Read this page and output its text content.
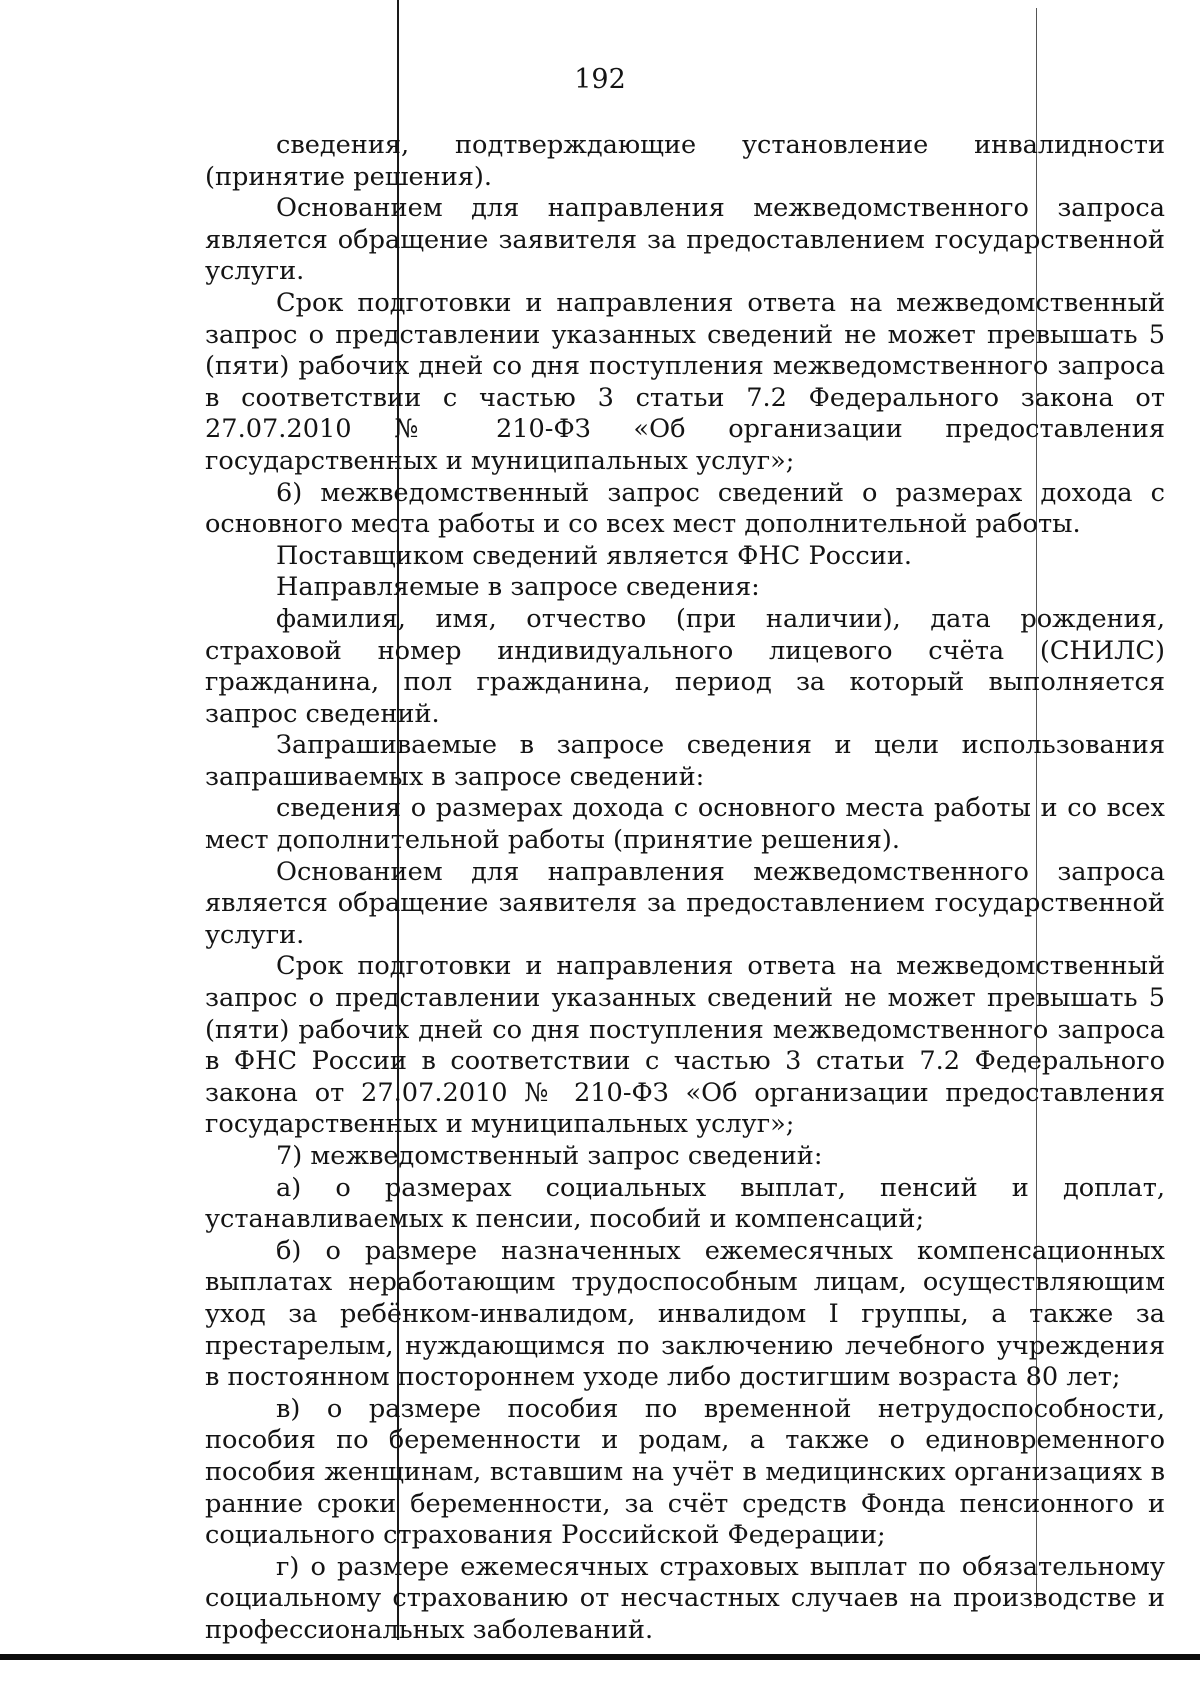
192

сведения, подтверждающие установление инвалидности (принятие решения).

Основанием для направления межведомственного запроса является обращение заявителя за предоставлением государственной услуги.

Срок подготовки и направления ответа на межведомственный запрос о представлении указанных сведений не может превышать 5 (пяти) рабочих дней со дня поступления межведомственного запроса в соответствии с частью 3 статьи 7.2 Федерального закона от 27.07.2010 № 210-ФЗ «Об организации предоставления государственных и муниципальных услуг»;

6) межведомственный запрос сведений о размерах дохода с основного места работы и со всех мест дополнительной работы.

Поставщиком сведений является ФНС России.

Направляемые в запросе сведения:

фамилия, имя, отчество (при наличии), дата рождения, страховой номер индивидуального лицевого счёта (СНИЛС) гражданина, пол гражданина, период за который выполняется запрос сведений.

Запрашиваемые в запросе сведения и цели использования запрашиваемых в запросе сведений:

сведения о размерах дохода с основного места работы и со всех мест дополнительной работы (принятие решения).

Основанием для направления межведомственного запроса является обращение заявителя за предоставлением государственной услуги.

Срок подготовки и направления ответа на межведомственный запрос о представлении указанных сведений не может превышать 5 (пяти) рабочих дней со дня поступления межведомственного запроса в ФНС России в соответствии с частью 3 статьи 7.2 Федерального закона от 27.07.2010 № 210-ФЗ «Об организации предоставления государственных и муниципальных услуг»;

7) межведомственный запрос сведений:

а) о размерах социальных выплат, пенсий и доплат, устанавливаемых к пенсии, пособий и компенсаций;

б) о размере назначенных ежемесячных компенсационных выплатах неработающим трудоспособным лицам, осуществляющим уход за ребёнком-инвалидом, инвалидом I группы, а также за престарелым, нуждающимся по заключению лечебного учреждения в постоянном постороннем уходе либо достигшим возраста 80 лет;

в) о размере пособия по временной нетрудоспособности, пособия по беременности и родам, а также о единовременного пособия женщинам, вставшим на учёт в медицинских организациях в ранние сроки беременности, за счёт средств Фонда пенсионного и социального страхования Российской Федерации;

г) о размере ежемесячных страховых выплат по обязательному социальному страхованию от несчастных случаев на производстве и профессиональных заболеваний.
